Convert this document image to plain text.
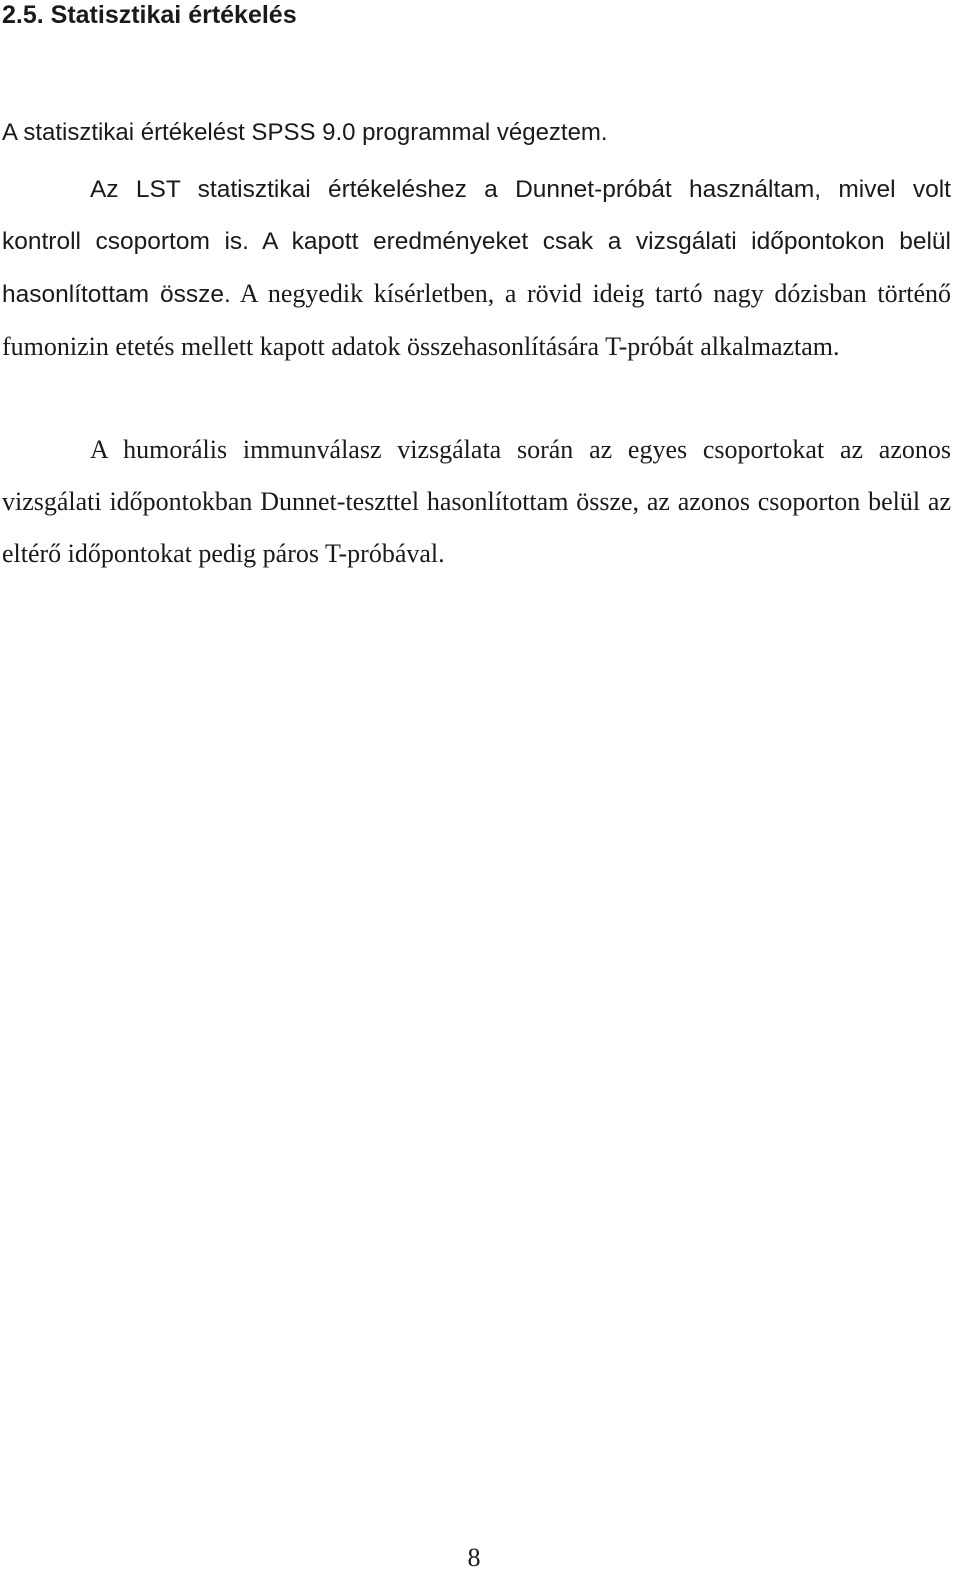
2.5. Statisztikai értékelés

A statisztikai értékelést SPSS 9.0 programmal végeztem.

Az LST statisztikai értékeléshez a Dunnet-próbát használtam, mivel volt kontroll csoportom is. A kapott eredményeket csak a vizsgálati időpontokon belül hasonlítottam össze. A negyedik kísérletben, a rövid ideig tartó nagy dózisban történő fumonizin etetés mellett kapott adatok összehasonlítására T-próbát alkalmaztam.

A humorális immunválasz vizsgálata során az egyes csoportokat az azonos vizsgálati időpontokban Dunnet-teszttel hasonlítottam össze, az azonos csoporton belül az eltérő időpontokat pedig páros T-próbával.

8
